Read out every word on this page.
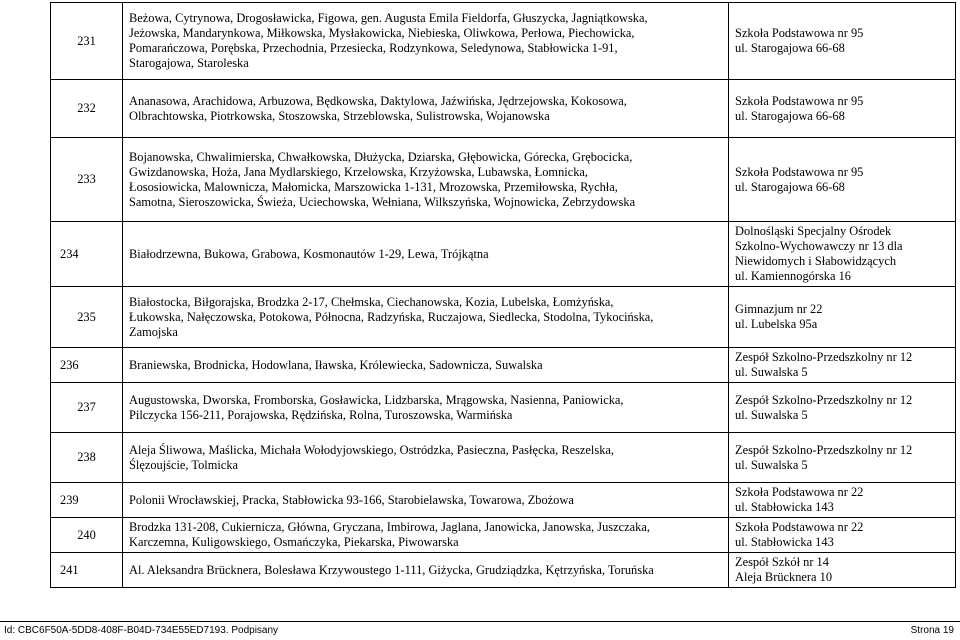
231	Beżowa, Cytrynowa, Drogosławicka, Figowa, gen. Augusta Emila Fieldorfa, Głuszycka, Jagniątkowska,
Jeżowska, Mandarynkowa, Miłkowska, Mysłakowicka, Niebieska, Oliwkowa, Perłowa, Piechowicka,
Pomarańczowa, Porębska, Przechodnia, Przesiecka, Rodzynkowa, Seledynowa, Stabłowicka 1-91,
Starogajowa, Staroleska	Szkoła Podstawowa nr 95
ul. Starogajowa 66-68

232	Ananasowa, Arachidowa, Arbuzowa, Będkowska, Daktylowa, Jaźwińska, Jędrzejowska, Kokosowa,
Olbrachtowska, Piotrkowska, Stoszowska, Strzeblowska, Sulistrowska, Wojanowska	Szkoła Podstawowa nr 95
ul. Starogajowa 66-68

233	Bojanowska, Chwalimierska, Chwałkowska, Dłużycka, Dziarska, Głębowicka, Górecka, Grębocicka,
Gwizdanowska, Hoża, Jana Mydlarskiego, Krzelowska, Krzyżowska, Lubawska, Łomnicka,
Łososiowicka, Malownicza, Małomicka, Marszowicka 1-131, Mrozowska, Przemiłowska, Rychła,
Samotna, Sieroszowicka, Świeża, Uciechowska, Wełniana, Wilkszyńska, Wojnowicka, Zebrzydowska	Szkoła Podstawowa nr 95
ul. Starogajowa 66-68

234	Białodrzewna, Bukowa, Grabowa, Kosmonautów 1-29, Lewa, Trójkątna	Dolnośląski Specjalny Ośrodek
Szkolno-Wychowawczy nr 13 dla
Niewidomych i Słabowidzących
ul. Kamiennogórska 16

235	Białostocka, Biłgorajska, Brodzka 2-17, Chełmska, Ciechanowska, Kozia, Lubelska, Łomżyńska,
Łukowska, Nałęczowska, Potokowa, Północna, Radzyńska, Ruczajowa, Siedlecka, Stodolna, Tykocińska,
Zamojska	Gimnazjum nr 22
ul. Lubelska 95a

236	Braniewska, Brodnicka, Hodowlana, Iławska, Królewiecka, Sadownicza, Suwalska	Zespół Szkolno-Przedszkolny nr 12
ul. Suwalska 5

237	Augustowska, Dworska, Fromborska, Gosławicka, Lidzbarska, Mrągowska, Nasienna, Paniowicka,
Pilczycka 156-211, Porajowska, Rędzińska, Rolna, Turoszowska, Warmińska	Zespół Szkolno-Przedszkolny nr 12
ul. Suwalska 5

238	Aleja Śliwowa, Maślicka, Michała Wołodyjowskiego, Ostródzka, Pasieczna, Pasłęcka, Reszelska,
Ślęzoujście, Tolmicka	Zespół Szkolno-Przedszkolny nr 12
ul. Suwalska 5

239	Polonii Wrocławskiej, Pracka, Stabłowicka 93-166, Starobielawska, Towarowa, Zbożowa	Szkoła Podstawowa nr 22
ul. Stabłowicka 143

240	Brodzka 131-208, Cukiernicza, Główna, Gryczana, Imbirowa, Jaglana, Janowicka, Janowska, Juszczaka,
Karczemna, Kuligowskiego, Osmańczyka, Piekarska, Piwowarska	Szkoła Podstawowa nr 22
ul. Stabłowicka 143

241	Al. Aleksandra Brücknera, Bolesława Krzywoustego 1-111, Giżycka, Grudziądzka, Kętrzyńska, Toruńska	Zespół Szkół nr 14
Aleja Brücknera 10
Id: CBC6F50A-5DD8-408F-B04D-734E55ED7193. Podpisany	Strona 19
